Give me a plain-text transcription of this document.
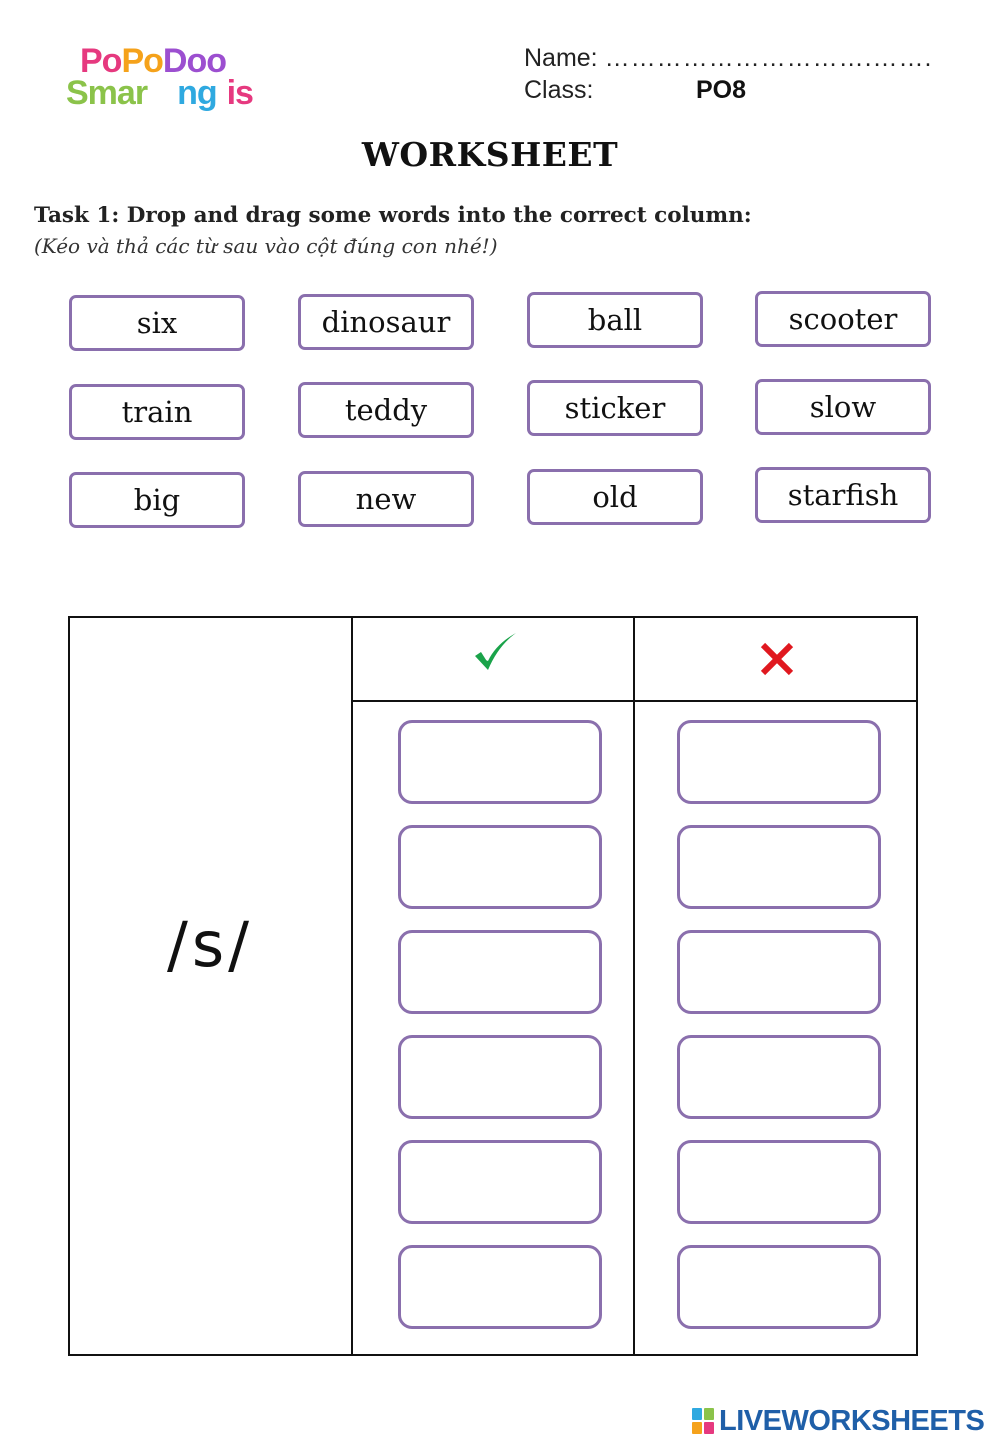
PoPoDoo
Smar ng is
Name: ………………………….…….
Class:	PO8
WORKSHEET
Task 1: Drop and drag some words into the correct column:
(Kéo và thả các từ sau vào cột đúng con nhé!)
six	dinosaur	ball	scooter
train	teddy	sticker	slow
big	new	old	starfish
/s/
LIVEWORKSHEETS
